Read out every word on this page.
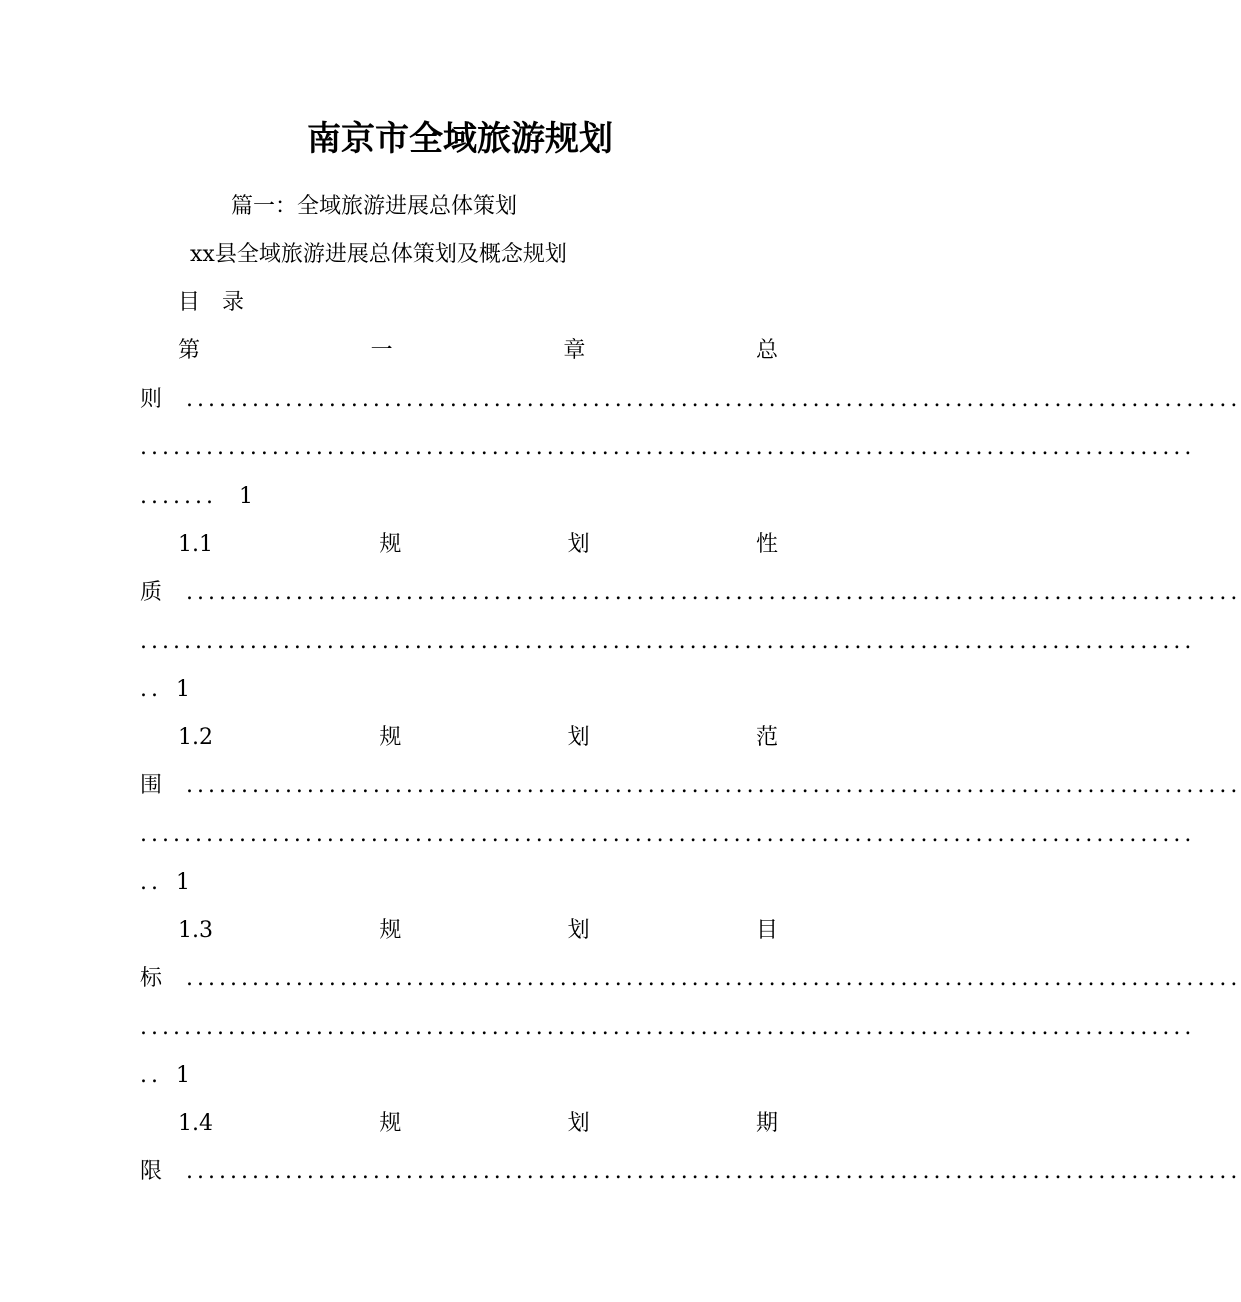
南京市全域旅游规划
篇一：全域旅游进展总体策划
xx县全域旅游进展总体策划及概念规划
目　录
第	一	章	总
则 ................................................................................................
................................................................................................
....... 1
1.1	规	划	性
质 ................................................................................................
................................................................................................
.. 1
1.2	规	划	范
围 ................................................................................................
................................................................................................
.. 1
1.3	规	划	目
标 ................................................................................................
................................................................................................
.. 1
1.4	规	划	期
限 ................................................................................................
